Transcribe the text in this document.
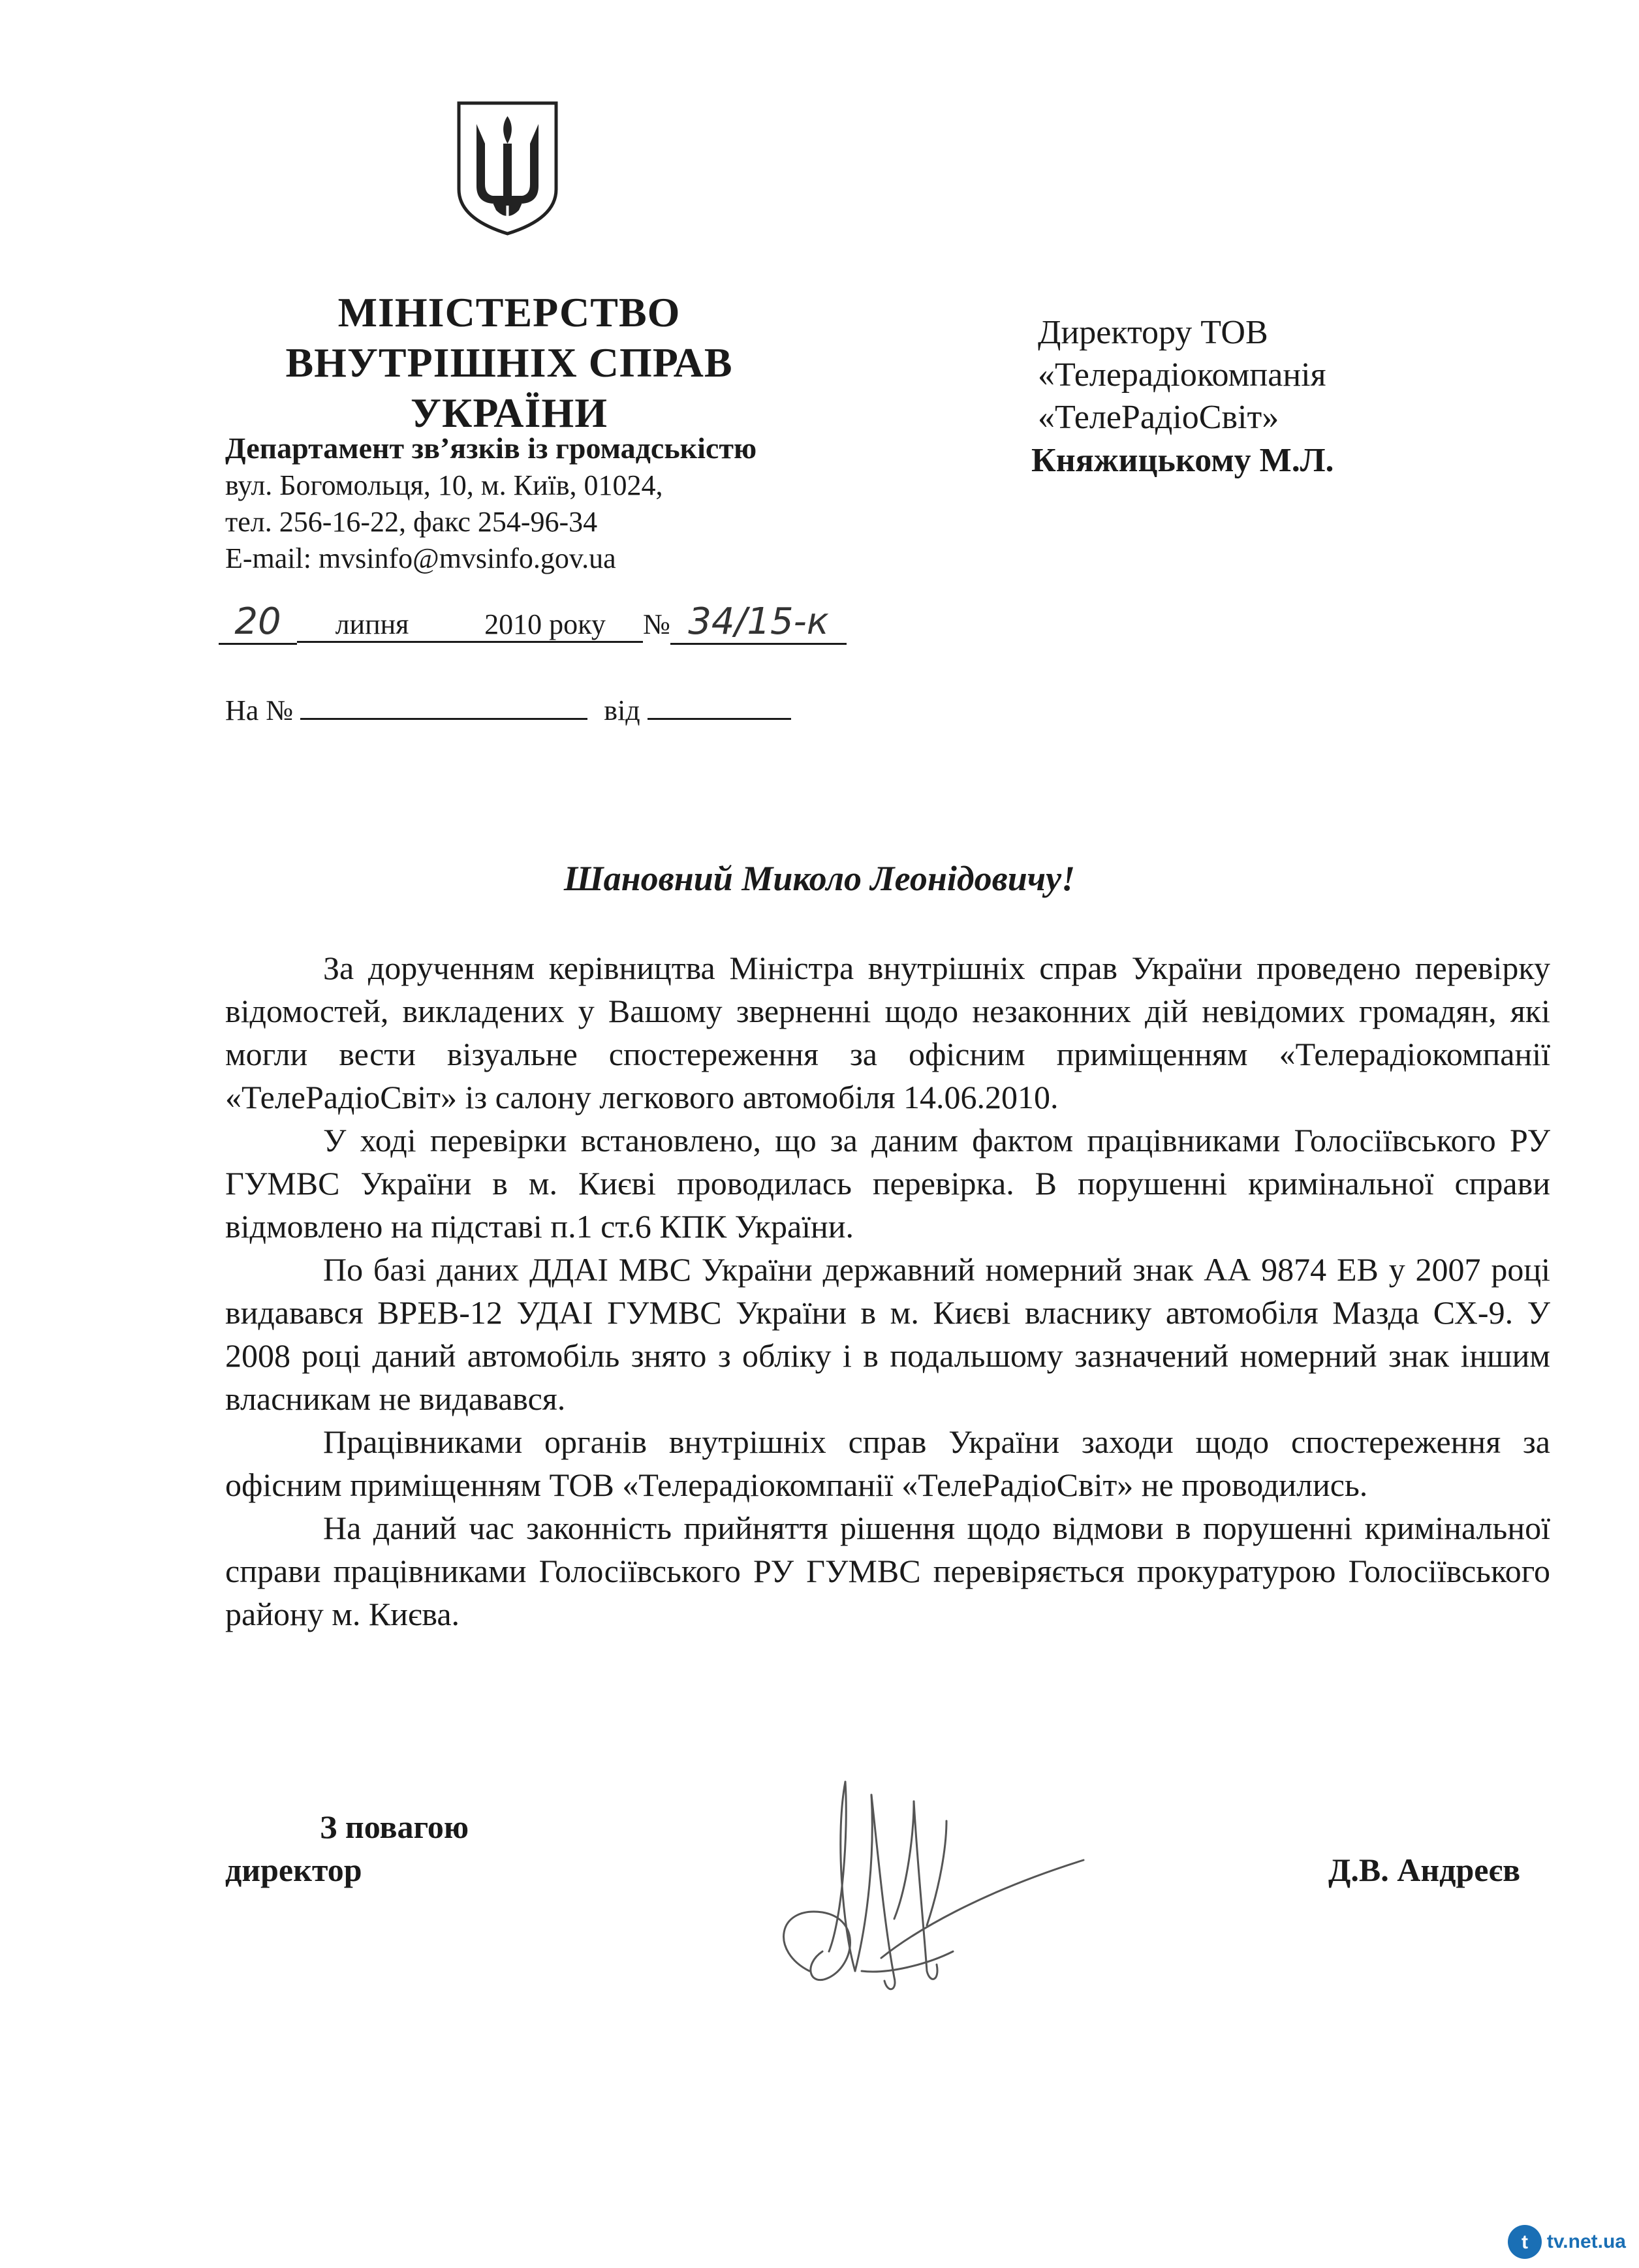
МІНІСТЕРСТВО
ВНУТРІШНІХ СПРАВ
УКРАЇНИ
Департамент зв’язків із громадськістю
вул. Богомольця, 10, м. Київ, 01024,
тел. 256-16-22, факс 254-96-34
E-mail: mvsinfo@mvsinfo.gov.ua
Директору ТОВ
«Телерадіокомпанія
«ТелеРадіоСвіт»
Княжицькому М.Л.
20 липня	2010 року № 34/15-к
На №	від
Шановний Миколо Леонідовичу!

За дорученням керівництва Міністра внутрішніх справ України проведено перевірку відомостей, викладених у Вашому зверненні щодо незаконних дій невідомих громадян, які могли вести візуальне спостереження за офісним приміщенням «Телерадіокомпанії «ТелеРадіоСвіт» із салону легкового автомобіля 14.06.2010.

У ході перевірки встановлено, що за даним фактом працівниками Голосіївського РУ ГУМВС України в м. Києві проводилась перевірка. В порушенні кримінальної справи відмовлено на підставі п.1 ст.6 КПК України.

По базі даних ДДАІ МВС України державний номерний знак АА 9874 ЕВ у 2007 році видавався ВРЕВ-12 УДАІ ГУМВС України в м. Києві власнику автомобіля Мазда СХ-9. У 2008 році даний автомобіль знято з обліку і в подальшому зазначений номерний знак іншим власникам не видавався.

Працівниками органів внутрішніх справ України заходи щодо спостереження за офісним приміщенням ТОВ «Телерадіокомпанії «ТелеРадіоСвіт» не проводились.

На даний час законність прийняття рішення щодо відмови в порушенні кримінальної справи працівниками Голосіївського РУ ГУМВС перевіряється прокуратурою Голосіївського району м. Києва.

З повагою
директор	Д.В. Андреєв
t tv.net.ua
